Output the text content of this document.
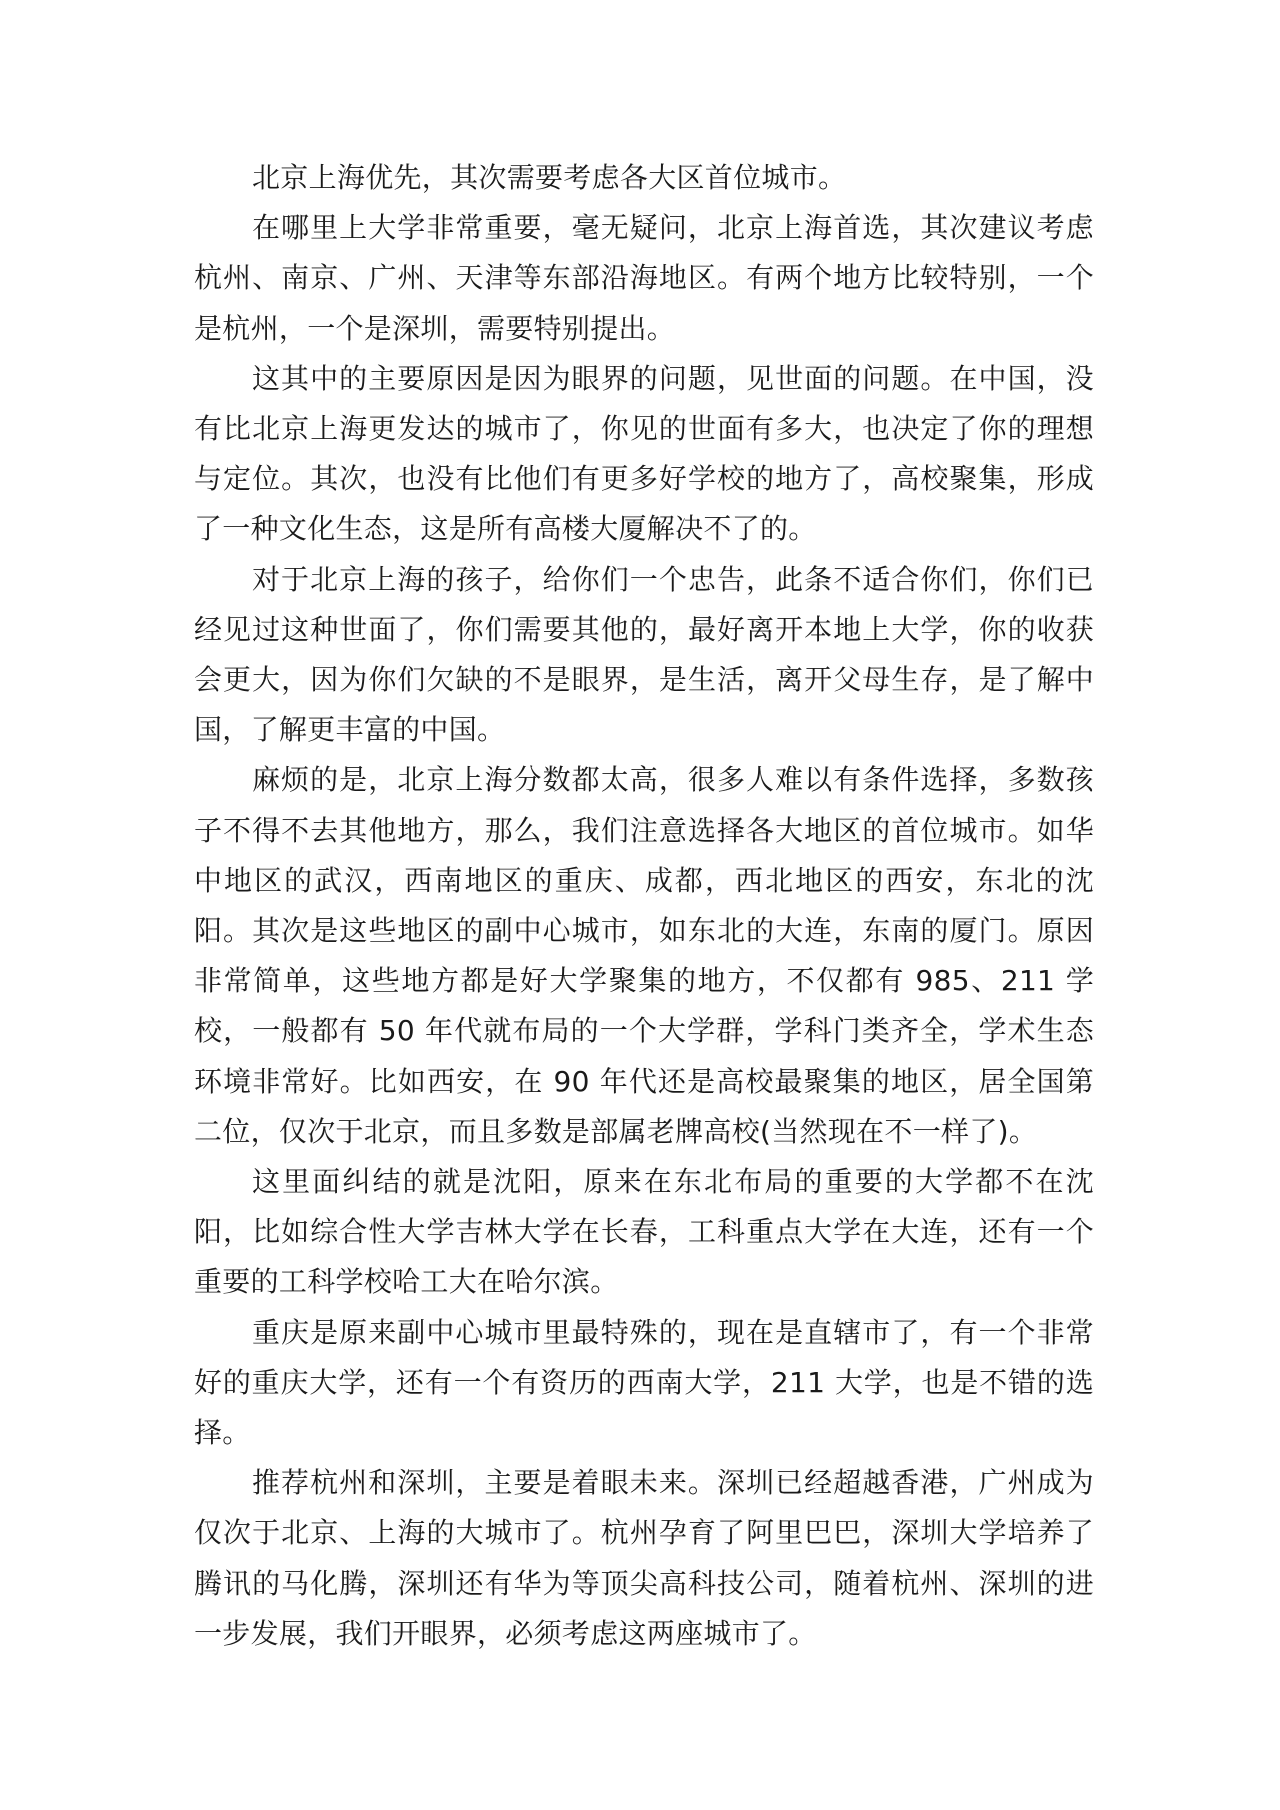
北京上海优先，其次需要考虑各大区首位城市。

在哪里上大学非常重要，毫无疑问，北京上海首选，其次建议考虑杭州、南京、广州、天津等东部沿海地区。有两个地方比较特别，一个是杭州，一个是深圳，需要特别提出。

这其中的主要原因是因为眼界的问题，见世面的问题。在中国，没有比北京上海更发达的城市了，你见的世面有多大，也决定了你的理想与定位。其次，也没有比他们有更多好学校的地方了，高校聚集，形成了一种文化生态，这是所有高楼大厦解决不了的。

对于北京上海的孩子，给你们一个忠告，此条不适合你们，你们已经见过这种世面了，你们需要其他的，最好离开本地上大学，你的收获会更大，因为你们欠缺的不是眼界，是生活，离开父母生存，是了解中国，了解更丰富的中国。

麻烦的是，北京上海分数都太高，很多人难以有条件选择，多数孩子不得不去其他地方，那么，我们注意选择各大地区的首位城市。如华中地区的武汉，西南地区的重庆、成都，西北地区的西安，东北的沈阳。其次是这些地区的副中心城市，如东北的大连，东南的厦门。原因非常简单，这些地方都是好大学聚集的地方，不仅都有 985、211 学校，一般都有 50 年代就布局的一个大学群，学科门类齐全，学术生态环境非常好。比如西安，在 90 年代还是高校最聚集的地区，居全国第二位，仅次于北京，而且多数是部属老牌高校(当然现在不一样了)。

这里面纠结的就是沈阳，原来在东北布局的重要的大学都不在沈阳，比如综合性大学吉林大学在长春，工科重点大学在大连，还有一个重要的工科学校哈工大在哈尔滨。

重庆是原来副中心城市里最特殊的，现在是直辖市了，有一个非常好的重庆大学，还有一个有资历的西南大学，211 大学，也是不错的选择。

推荐杭州和深圳，主要是着眼未来。深圳已经超越香港，广州成为仅次于北京、上海的大城市了。杭州孕育了阿里巴巴，深圳大学培养了腾讯的马化腾，深圳还有华为等顶尖高科技公司，随着杭州、深圳的进一步发展，我们开眼界，必须考虑这两座城市了。
